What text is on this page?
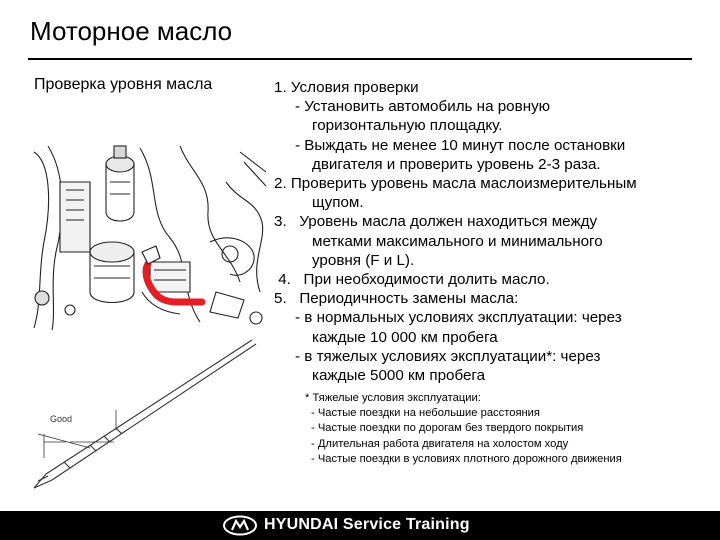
Моторное масло
Проверка уровня масла	1. Условия проверки
- Установить автомобиль на ровную
горизонтальную площадку.
- Выждать не менее 10 минут после остановки
двигателя и проверить уровень 2-3 раза.
2. Проверить уровень масла маслоизмерительным
щупом.
3.   Уровень масла должен находиться между
метками максимального и минимального
уровня (F и L).
4.   При необходимости долить масло.
5.   Периодичность замены масла:
- в нормальных условиях эксплуатации: через
каждые 10 000 км пробега
- в тяжелых условиях эксплуатации*: через
каждые 5000 км пробега
* Тяжелые условия эксплуатации:
- Частые поездки на небольшие расстояния
- Частые поездки по дорогам без твердого покрытия
- Длительная работа двигателя на холостом ходу
- Частые поездки в условиях плотного дорожного движения
Good
HYUNDAI Service Training
